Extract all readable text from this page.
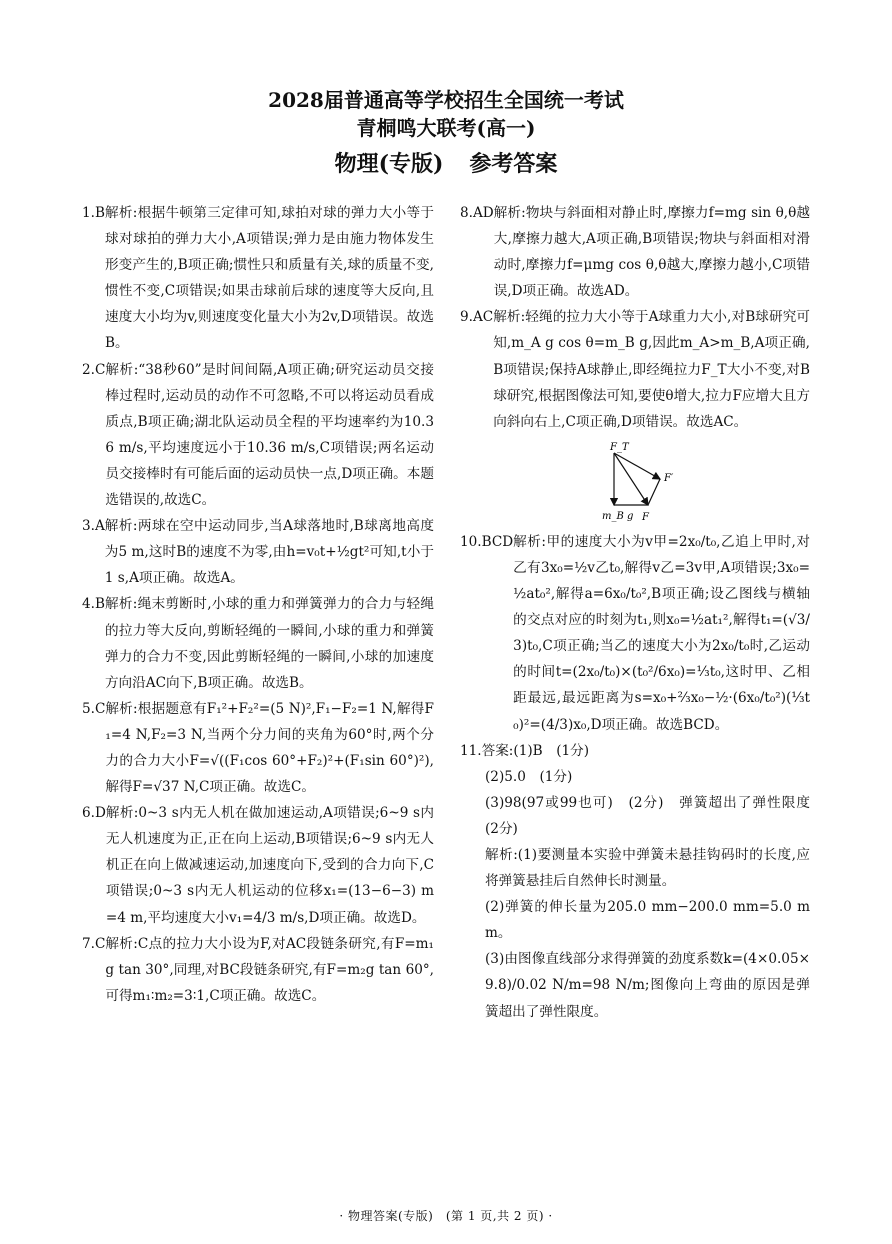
2028届普通高等学校招生全国统一考试
青桐鸣大联考(高一)
物理(专版) 参考答案
1.B 解析:根据牛顿第三定律可知,球拍对球的弹力大小等于球对球拍的弹力大小,A项错误;弹力是由施力物体发生形变产生的,B项正确;惯性只和质量有关,球的质量不变,惯性不变,C项错误;如果击球前后球的速度等大反向,且速度大小均为v,则速度变化量大小为2v,D项错误。故选B。
2.C 解析:“38秒60”是时间间隔,A项正确;研究运动员交接棒过程时,运动员的动作不可忽略,不可以将运动员看成质点,B项正确;湖北队运动员全程的平均速率约为10.36 m/s,平均速度远小于10.36 m/s,C项错误;两名运动员交接棒时有可能后面的运动员快一点,D项正确。本题选错误的,故选C。
3.A 解析:两球在空中运动同步,当A球落地时,B球离地高度为5 m,这时B的速度不为零,由h=v₀t+½gt²可知,t小于1 s,A项正确。故选A。
4.B 解析:绳末剪断时,小球的重力和弹簧弹力的合力与轻绳的拉力等大反向,剪断轻绳的一瞬间,小球的重力和弹簧弹力的合力不变,因此剪断轻绳的一瞬间,小球的加速度方向沿AC向下,B项正确。故选B。
5.C 解析:根据题意有F₁²+F₂²=(5 N)²,F₁−F₂=1 N,解得F₁=4 N,F₂=3 N,当两个分力间的夹角为60°时,两个分力的合力大小F=√((F₁cos 60°+F₂)²+(F₁sin 60°)²),解得F=√37 N,C项正确。故选C。
6.D 解析:0~3 s内无人机在做加速运动,A项错误;6~9 s内无人机速度为正,正在向上运动,B项错误;6~9 s内无人机正在向上做减速运动,加速度向下,受到的合力向下,C项错误;0~3 s内无人机运动的位移x₁=(13−6−3) m=4 m,平均速度大小v₁=4/3 m/s,D项正确。故选D。
7.C 解析:C点的拉力大小设为F,对AC段链条研究,有F=m₁g tan 30°,同理,对BC段链条研究,有F=m₂g tan 60°,可得m₁∶m₂=3∶1,C项正确。故选C。
8.AD 解析:物块与斜面相对静止时,摩擦力f=mg sin θ,θ越大,摩擦力越大,A项正确,B项错误;物块与斜面相对滑动时,摩擦力f=μmg cos θ,θ越大,摩擦力越小,C项错误,D项正确。故选AD。
9.AC 解析:轻绳的拉力大小等于A球重力大小,对B球研究可知,m_A g cos θ=m_B g,因此m_A>m_B,A项正确,B项错误;保持A球静止,即经绳拉力F_T大小不变,对B球研究,根据图像法可知,要使θ增大,拉力F应增大且方向斜向右上,C项正确,D项错误。故选AC。
F_T
F′
m_B g F
10.BCD 解析:甲的速度大小为v甲=2x₀/t₀,乙追上甲时,对乙有3x₀=½v乙t₀,解得v乙=3v甲,A项错误;3x₀=½at₀²,解得a=6x₀/t₀²,B项正确;设乙图线与横轴的交点对应的时刻为t₁,则x₀=½at₁²,解得t₁=(√3/3)t₀,C项正确;当乙的速度大小为2x₀/t₀时,乙运动的时间t=(2x₀/t₀)×(t₀²/6x₀)=⅓t₀,这时甲、乙相距最远,最远距离为s=x₀+⅔x₀−½·(6x₀/t₀²)(⅓t₀)²=(4/3)x₀,D项正确。故选BCD。
11. 答案:(1)B　(1分)
(2)5.0　(1分)
(3)98(97或99也可)　(2分)　弹簧超出了弹性限度　(2分)
解析:(1)要测量本实验中弹簧未悬挂钩码时的长度,应将弹簧悬挂后自然伸长时测量。
(2)弹簧的伸长量为205.0 mm−200.0 mm=5.0 mm。
(3)由图像直线部分求得弹簧的劲度系数k=(4×0.05×9.8)/0.02 N/m=98 N/m;图像向上弯曲的原因是弹簧超出了弹性限度。
· 物理答案(专版)　(第 1 页,共 2 页) ·
